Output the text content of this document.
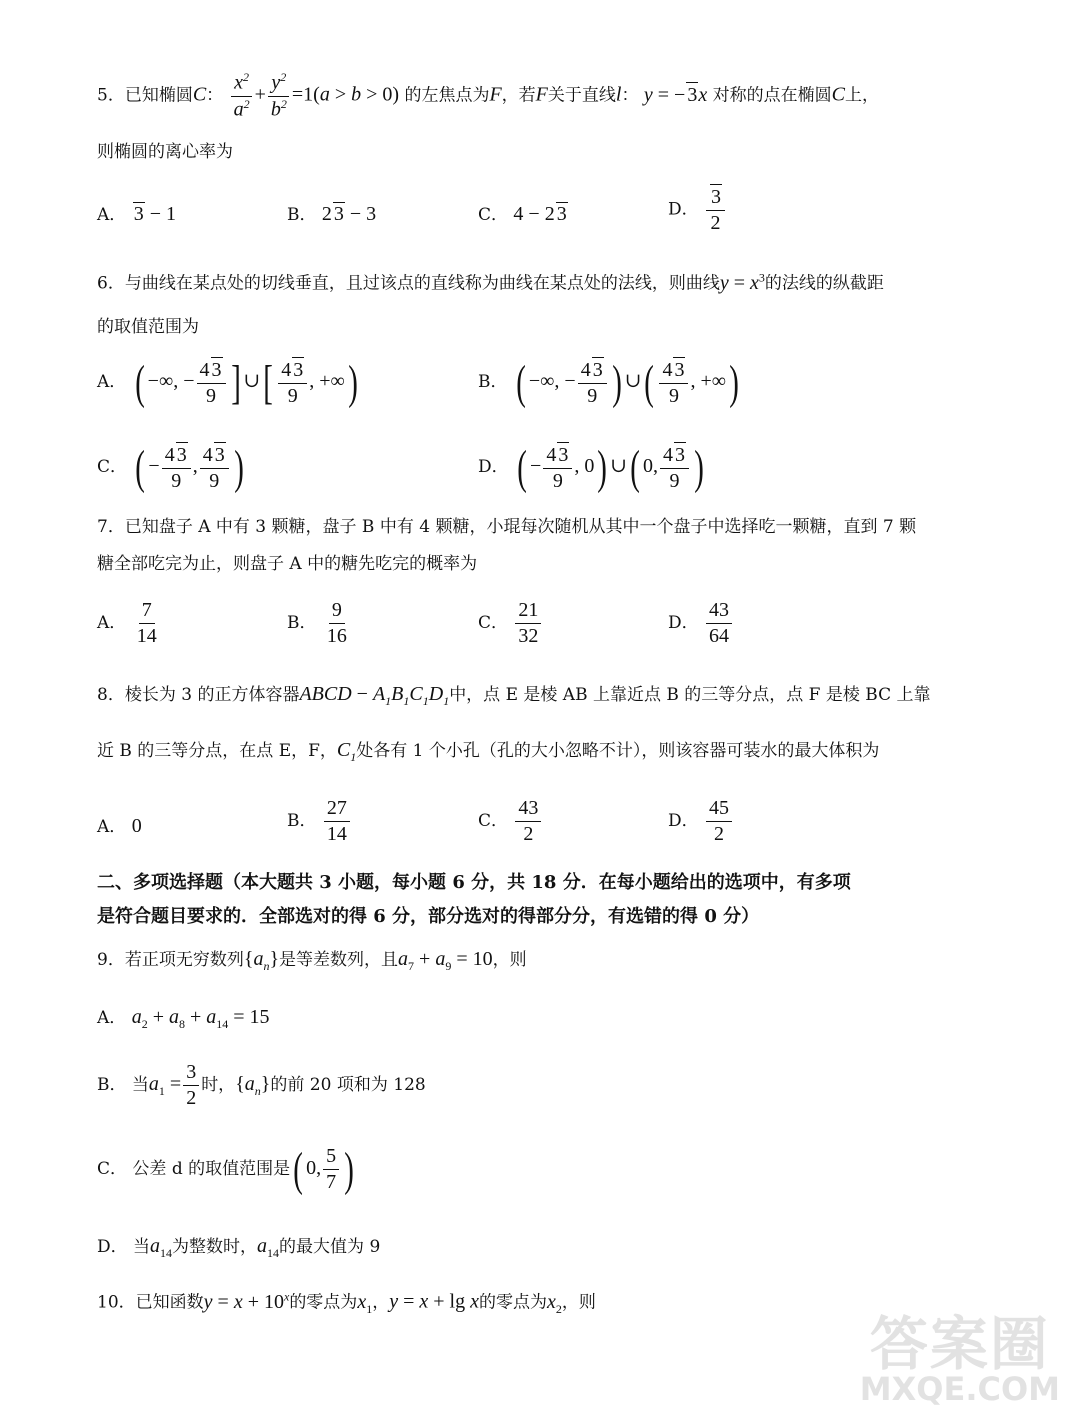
5．已知椭圆C： $\frac{x^2}{a^2} + \frac{y^2}{b^2} =1(a > b > 0)$ 的左焦点为F，若F关于直线l： y = − 3x 对称的点在椭圆C上，
则椭圆的离心率为
A． 3 − 1	B． 2 3 − 3	C． 4 − 2 3	D． $\frac{3}{2}$
6．与曲线在某点处的切线垂直，且过该点的直线称为曲线在某点处的法线，则曲线$y = x^3$的法线的纵截距
的取值范围为
A． ( −∞, − $\frac{4 3}{9}$ ] ∪[ $\frac{4 3}{9}$ , +∞)	B． ( −∞, − $\frac{4 3}{9}$ ) ∪( $\frac{4 3}{9}$ , +∞)
C． ( − $\frac{4 3}{9}$ , $\frac{4 3}{9}$ )	D． ( − $\frac{4 3}{9}$ , 0) ∪( 0, $\frac{4 3}{9}$ )
7．已知盘子 A 中有 3 颗糖，盘子 B 中有 4 颗糖，小琨每次随机从其中一个盘子中选择吃一颗糖，直到 7 颗
糖全部吃完为止，则盘子 A 中的糖先吃完的概率为
A． $\frac{7}{14}$	B． $\frac{9}{16}$	C． $\frac{21}{32}$	D． $\frac{43}{64}$
8．棱长为 3 的正方体容器ABCD − $A_1B_1C_1D_1$中，点 E 是棱 AB 上靠近点 B 的三等分点，点 F 是棱 BC 上靠
近 B 的三等分点，在点 E，F，$C_1$处各有 1 个小孔（孔的大小忽略不计），则该容器可装水的最大体积为
A． 0	B． $\frac{27}{14}$	C． $\frac{43}{2}$	D． $\frac{45}{2}$
二、多项选择题（本大题共 3 小题，每小题 6 分，共 18 分．在每小题给出的选项中，有多项
是符合题目要求的．全部选对的得 6 分，部分选对的得部分分，有选错的得 0 分）
9．若正项无穷数列$\{a_n\}$是等差数列，且$a_7 + a_9 = 10$，则
A． $a_2 + a_8 + a_{14} = 15$
B． 当$a_1 = \frac{3}{2}$ 时，$\{a_n\}$的前 20 项和为 128
C． 公差 d 的取值范围是( 0, $\frac{5}{7}$ )
D． 当$a_{14}$为整数时，$a_{14}$的最大值为 9
10．已知函数$y = x + 10^x$的零点为$x_1$，y = x + lg x的零点为$x_2$，则
答案圈
MXQE.COM
